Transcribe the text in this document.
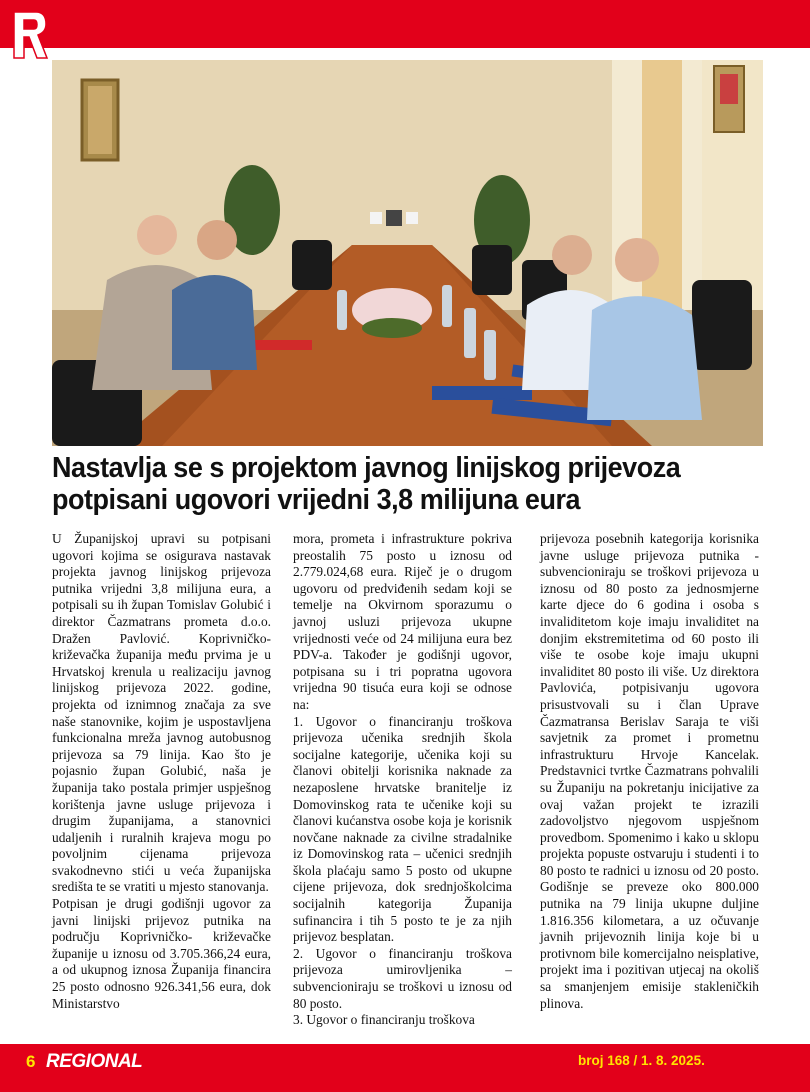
Nastavlja se s projektom javnog linijskog prijevoza
potpisani ugovori vrijedni 3,8 milijuna eura

U Županijskoj upravi su potpisani ugovori kojima se osigurava nastavak projekta javnog linijskog prijevoza putnika vrijedni 3,8 milijuna eura, a potpisali su ih župan Tomislav Golubić i direktor Čazmatrans prometa d.o.o. Dražen Pavlović. Koprivničko-križevačka županija među prvima je u Hrvatskoj krenula u realizaciju javnog linijskog prijevoza 2022. godine, projekta od iznimnog značaja za sve naše stanovnike, kojim je uspostavljena funkcionalna mreža javnog autobusnog prijevoza sa 79 linija. Kao što je pojasnio župan Golubić, naša je županija tako postala primjer uspješnog korištenja javne usluge prijevoza i drugim županijama, a stanovnici udaljenih i ruralnih krajeva mogu po povoljnim cijenama prijevoza svakodnevno stići u veća županijska središta te se vratiti u mjesto stanovanja.

Potpisan je drugi godišnji ugovor za javni linijski prijevoz putnika na području Koprivničko- križevačke županije u iznosu od 3.705.366,24 eura, a od ukupnog iznosa Županija financira 25 posto odnosno 926.341,56 eura, dok Ministarstvo

mora, prometa i infrastrukture pokriva preostalih 75 posto u iznosu od 2.779.024,68 eura. Riječ je o drugom ugovoru od predviđenih sedam koji se temelje na Okvirnom sporazumu o javnoj usluzi prijevoza ukupne vrijednosti veće od 24 milijuna eura bez PDV-a. Također je godišnji ugovor, potpisana su i tri popratna ugovora vrijedna 90 tisuća eura koji se odnose na:

1. Ugovor o financiranju troškova prijevoza učenika srednjih škola socijalne kategorije, učenika koji su članovi obitelji korisnika naknade za nezaposlene hrvatske branitelje iz Domovinskog rata te učenike koji su članovi kućanstva osobe koja je korisnik novčane naknade za civilne stradalnike iz Domovinskog rata – učenici srednjih škola plaćaju samo 5 posto od ukupne cijene prijevoza, dok srednjoškolcima socijalnih kategorija Županija sufinancira i tih 5 posto te je za njih prijevoz besplatan.

2. Ugovor o financiranju troškova prijevoza umirovljenika – subvencioniraju se troškovi u iznosu od 80 posto.

3. Ugovor o financiranju troškova

prijevoza posebnih kategorija korisnika javne usluge prijevoza putnika - subvencioniraju se troškovi prijevoza u iznosu od 80 posto za jednosmjerne karte djece do 6 godina i osoba s invaliditetom koje imaju invaliditet na donjim ekstremitetima od 60 posto ili više te osobe koje imaju ukupni invaliditet 80 posto ili više. Uz direktora Pavlovića, potpisivanju ugovora prisustvovali su i član Uprave Čazmatransa Berislav Saraja te viši savjetnik za promet i prometnu infrastrukturu Hrvoje Kancelak. Predstavnici tvrtke Čazmatrans pohvalili su Županiju na pokretanju inicijative za ovaj važan projekt te izrazili zadovoljstvo njegovom uspješnom provedbom. Spomenimo i kako u sklopu projekta popuste ostvaruju i studenti i to 80 posto te radnici u iznosu od 20 posto. Godišnje se preveze oko 800.000 putnika na 79 linija ukupne duljine 1.816.356 kilometara, a uz očuvanje javnih prijevoznih linija koje bi u protivnom bile komercijalno neisplative, projekt ima i pozitivan utjecaj na okoliš sa smanjenjem emisije stakleničkih plinova.

6 REGIONAL	broj 168 / 1. 8. 2025.
